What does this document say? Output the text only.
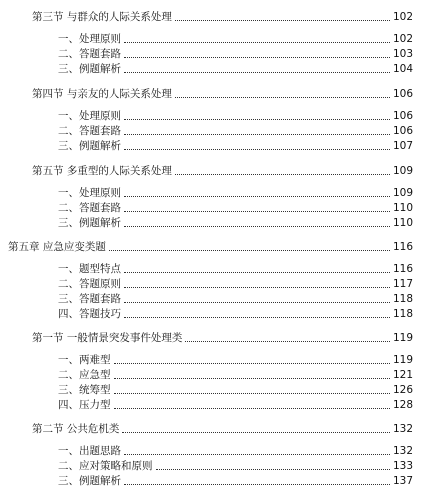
第三节 与群众的人际关系处理	102
一、处理原则	102
二、答题套路	103
三、例题解析	104
第四节 与亲友的人际关系处理	106
一、处理原则	106
二、答题套路	106
三、例题解析	107
第五节 多重型的人际关系处理	109
一、处理原则	109
二、答题套路	110
三、例题解析	110
第五章 应急应变类题	116
一、题型特点	116
二、答题原则	117
三、答题套路	118
四、答题技巧	118
第一节 一般情景突发事件处理类	119
一、两难型	119
二、应急型	121
三、统筹型	126
四、压力型	128
第二节 公共危机类	132
一、出题思路	132
二、应对策略和原则	133
三、例题解析	137
